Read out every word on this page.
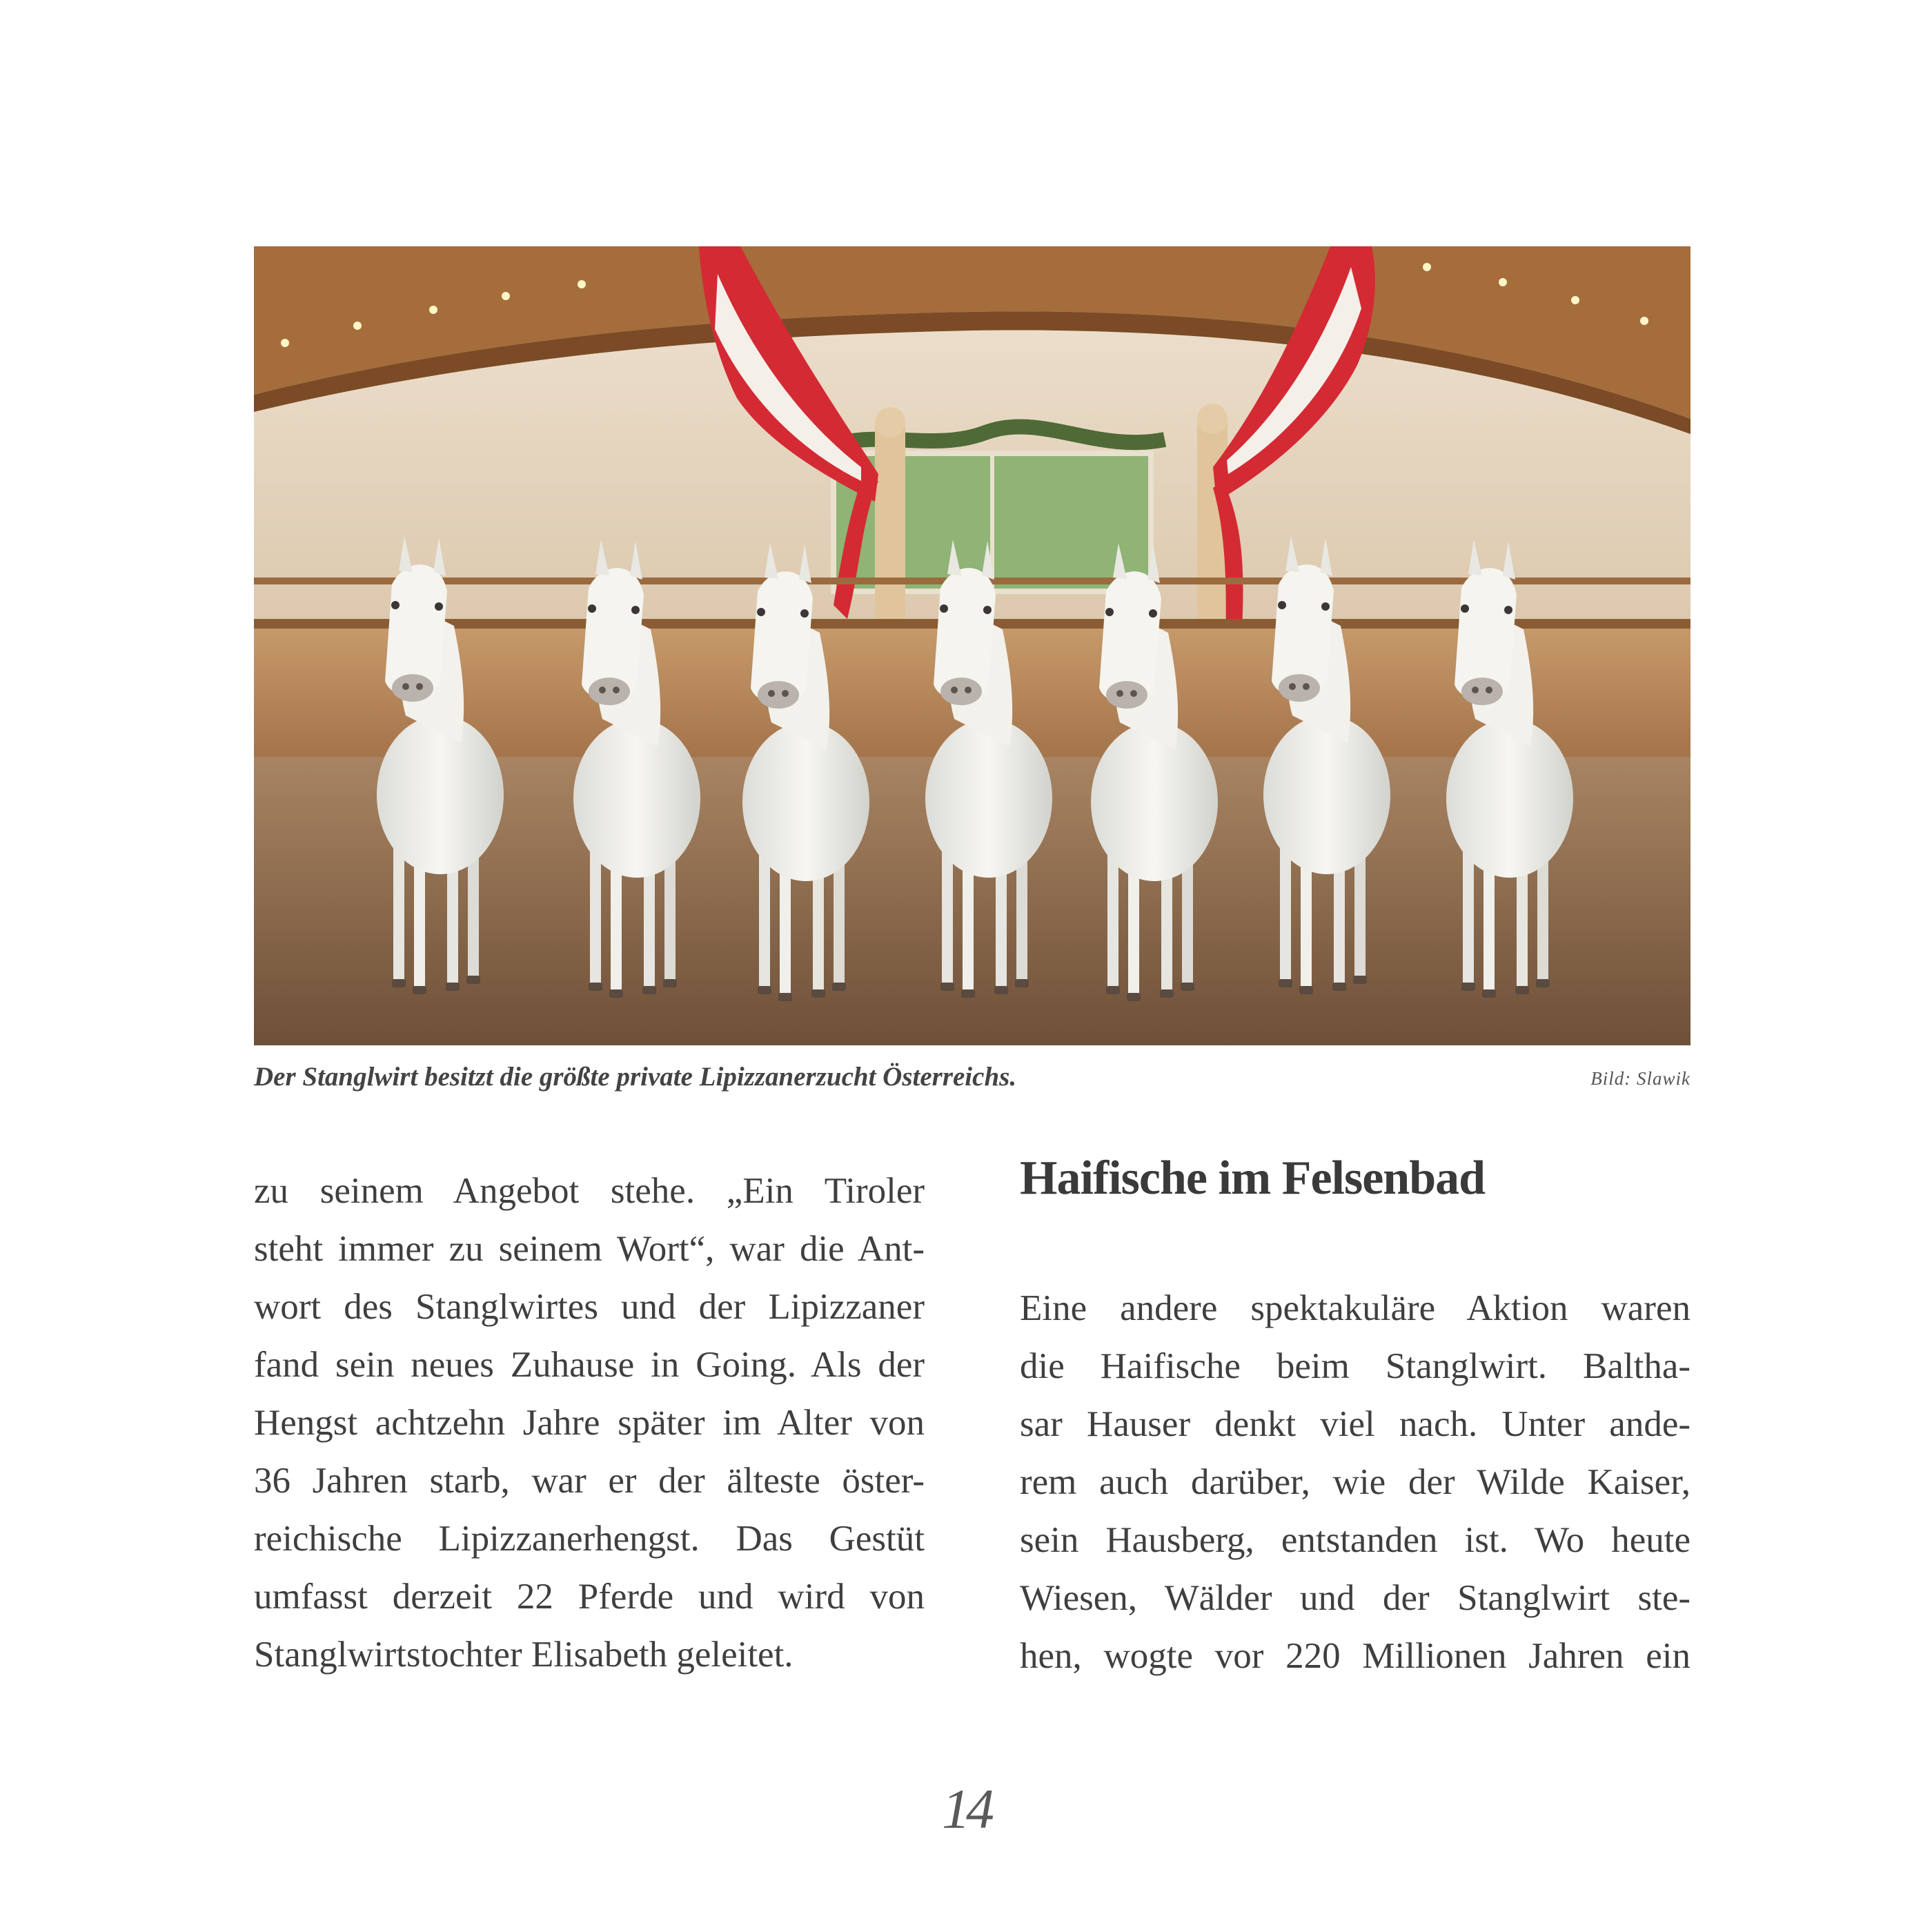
Der Stanglwirt besitzt die größte private Lipizzanerzucht Österreichs.	Bild: Slawik
zu seinem Angebot stehe. „Ein Tiroler
steht immer zu seinem Wort“, war die Ant-
wort des Stanglwirtes und der Lipizzaner
fand sein neues Zuhause in Going. Als der
Hengst achtzehn Jahre später im Alter von
36 Jahren starb, war er der älteste öster-
reichische Lipizzanerhengst. Das Gestüt
umfasst derzeit 22 Pferde und wird von
Stanglwirtstochter Elisabeth geleitet.
Haifische im Felsenbad
Eine andere spektakuläre Aktion waren
die Haifische beim Stanglwirt. Baltha-
sar Hauser denkt viel nach. Unter ande-
rem auch darüber, wie der Wilde Kaiser,
sein Hausberg, entstanden ist. Wo heute
Wiesen, Wälder und der Stanglwirt ste-
hen, wogte vor 220 Millionen Jahren ein
14
